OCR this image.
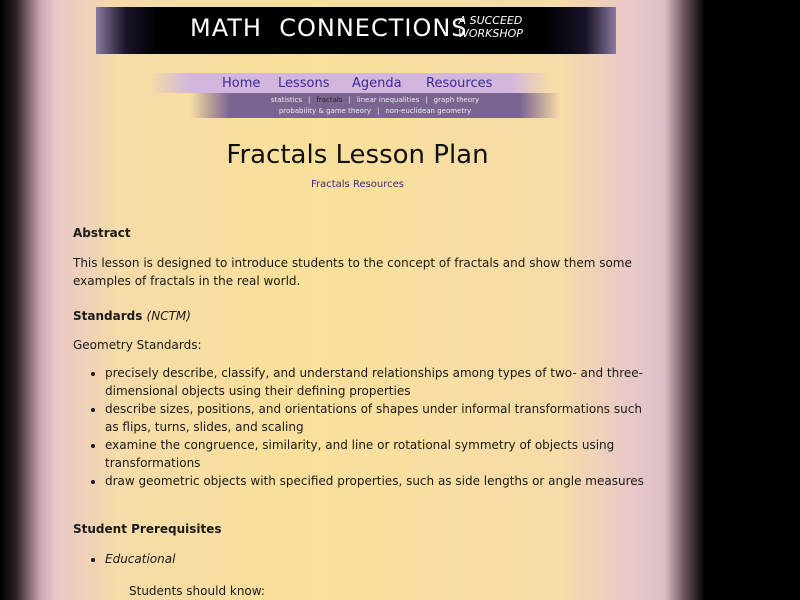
MATH CONNECTIONS
A SUCCEED
WORKSHOP
Home Lessons Agenda Resources
statistics | fractals | linear inequalities | graph theory
probability & game theory | non-euclidean geometry
Fractals Lesson Plan
Fractals Resources

Abstract

This lesson is designed to introduce students to the concept of fractals and show them some examples of fractals in the real world.

Standards (NCTM)

Geometry Standards:

• precisely describe, classify, and understand relationships among types of two- and three-dimensional objects using their defining properties
• describe sizes, positions, and orientations of shapes under informal transformations such as flips, turns, slides, and scaling
• examine the congruence, similarity, and line or rotational symmetry of objects using transformations
• draw geometric objects with specified properties, such as side lengths or angle measures

Student Prerequisites

• Educational

Students should know:
